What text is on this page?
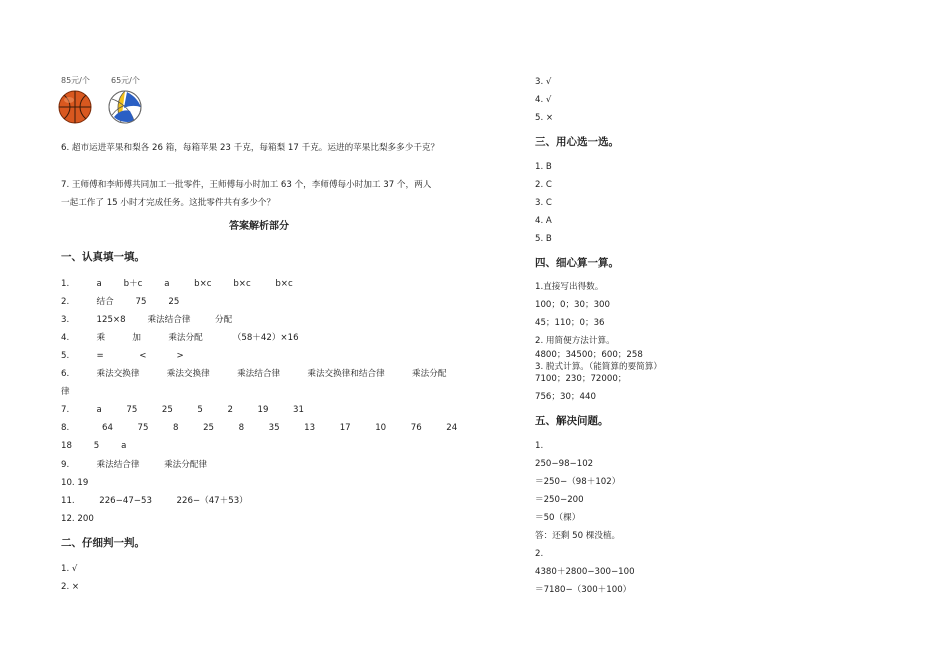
85元/个	65元/个
6. 超市运进苹果和梨各 26 箱，每箱苹果 23 千克，每箱梨 17 千克。运进的苹果比梨多多少千克？
7. 王师傅和李师傅共同加工一批零件，王师傅每小时加工 63 个，李师傅每小时加工 37 个，两人
一起工作了 15 小时才完成任务。这批零件共有多少个？
答案解析部分
一、认真填一填。
1.          a        b＋c        a         b×c        b×c         b×c
2.          结合        75        25
3.          125×8        乘法结合律         分配
4.          乘          加          乘法分配           （58＋42）×16
5.          =             <           >
6.          乘法交换律          乘法交换律          乘法结合律          乘法交换律和结合律          乘法分配
律
7.          a         75         25         5         2         19         31
8.            64         75         8         25         8         35         13         17         10         76         24
18        5        a
9.          乘法结合律         乘法分配律
10. 19
11.         226−47−53         226−（47＋53）
12. 200
二、仔细判一判。
1. √
2. ×
3. √
4. √
5. ×
三、用心选一选。
1. B
2. C
3. C
4. A
5. B
四、细心算一算。
1.直接写出得数。
100；0；30；300
45；110；0；36
2. 用简便方法计算。
4800；34500；600；258
3. 脱式计算。（能简算的要简算）
7100；230；72000；
756；30；440
五、解决问题。
1.
250−98−102
＝250−（98＋102）
＝250−200
＝50（棵）
答：还剩 50 棵没植。
2.
4380＋2800−300−100
＝7180−（300＋100）
